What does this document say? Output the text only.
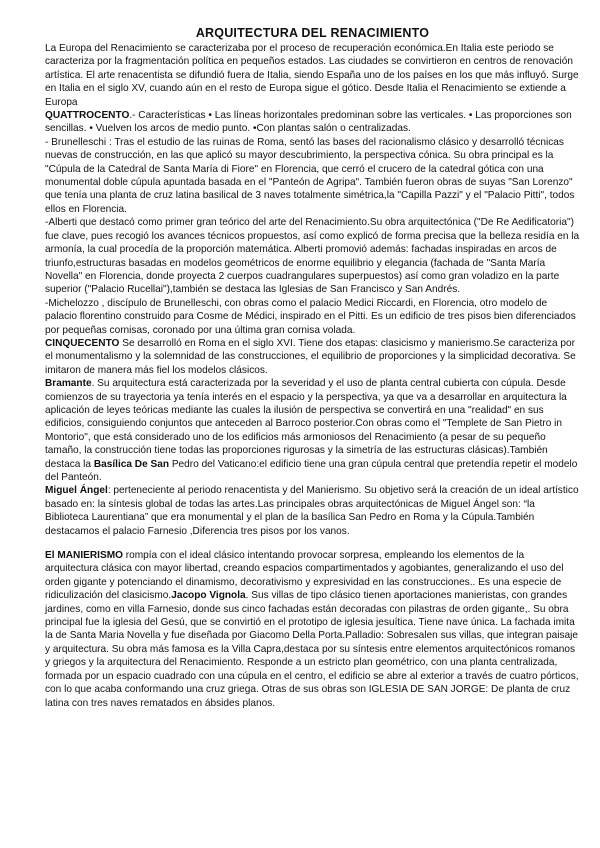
ARQUITECTURA DEL RENACIMIENTO

La Europa del Renacimiento se caracterizaba por el proceso de recuperación económica.En Italia este periodo se caracteriza por la fragmentación política en pequeños estados. Las ciudades se convirtieron en centros de renovación artística. El arte renacentista se difundió fuera de Italia, siendo España uno de los países en los que más influyó. Surge en Italia en el siglo XV, cuando aún en el resto de Europa sigue el gótico. Desde Italia el Renacimiento se extiende a Europa

QUATTROCENTO.- Características • Las líneas horizontales predominan sobre las verticales. • Las proporciones son sencillas. • Vuelven los arcos de medio punto. •Con plantas salón o centralizadas.

- Brunelleschi : Tras el estudio de las ruinas de Roma, sentó las bases del racionalismo clásico y desarrolló técnicas nuevas de construcción, en las que aplicó su mayor descubrimiento, la perspectiva cónica. Su obra principal es la "Cúpula de la Catedral de Santa María di Fiore" en Florencia, que cerró el crucero de la catedral gótica con una monumental doble cúpula apuntada basada en el "Panteón de Agripa". También fueron obras de suyas "San Lorenzo" que tenía una planta de cruz latina basilical de 3 naves totalmente simétrica,la "Capilla Pazzi" y el "Palacio Pitti", todos ellos en Florencia.

-Alberti que destacó como primer gran teórico del arte del Renacimiento.Su obra arquitectónica ("De Re Aedificatoria") fue clave, pues recogió los avances técnicos propuestos, así como explicó de forma precisa que la belleza residía en la armonía, la cual procedía de la proporción matemática. Alberti promovió además: fachadas inspiradas en arcos de triunfo,estructuras basadas en modelos geométricos de enorme equilibrio y elegancia (fachada de "Santa María Novella" en Florencia, donde proyecta 2 cuerpos cuadrangulares superpuestos) así como gran voladizo en la parte superior ("Palacio Rucellai"),también se destaca las Iglesias de San Francisco y San Andrés.

-Michelozzo , discípulo de Brunelleschi, con obras como el palacio Medici Riccardi, en Florencia, otro modelo de palacio florentino construido para Cosme de Médici, inspirado en el Pitti. Es un edificio de tres pisos bien diferenciados por pequeñas cornisas, coronado por una última gran cornisa volada.

CINQUECENTO Se desarrolló en Roma en el siglo XVI. Tiene dos etapas: clasicismo y manierismo.Se caracteriza por el monumentalismo y la solemnidad de las construcciones, el equilibrio de proporciones y la simplicidad decorativa. Se imitaron de manera más fiel los modelos clásicos.

Bramante. Su arquitectura está caracterizada por la severidad y el uso de planta central cubierta con cúpula. Desde comienzos de su trayectoria ya tenía interés en el espacio y la perspectiva, ya que va a desarrollar en arquitectura la aplicación de leyes teóricas mediante las cuales la ilusión de perspectiva se convertirá en una "realidad" en sus edificios, consiguiendo conjuntos que anteceden al Barroco posterior.Con obras como el "Templete de San Pietro in Montorio", que está considerado uno de los edificios más armoniosos del Renacimiento (a pesar de su pequeño tamaño, la construcción tiene todas las proporciones rigurosas y la simetría de las estructuras clásicas).También destaca la Basílica De San Pedro del Vaticano:el edificio tiene una gran cúpula central que pretendía repetir el modelo del Panteón.

Miguel Ángel: perteneciente al periodo renacentista y del Manierismo. Su objetivo será la creación de un ideal artístico basado en: la síntesis global de todas las artes.Las principales obras arquitectónicas de Miguel Ángel son: “la Biblioteca Laurentiana” que era monumental y el plan de la basílica San Pedro en Roma y la Cúpula.También destacamos el palacio Farnesio ,Diferencia tres pisos por los vanos.

El MANIERISMO rompía con el ideal clásico intentando provocar sorpresa, empleando los elementos de la arquitectura clásica con mayor libertad, creando espacios compartimentados y agobiantes, generalizando el uso del orden gigante y potenciando el dinamismo, decorativismo y expresividad en las construcciones.. Es una especie de ridiculización del clasicismo.Jacopo Vignola. Sus villas de tipo clásico tienen aportaciones manieristas, con grandes jardines, como en villa Farnesio, donde sus cinco fachadas están decoradas con pilastras de orden gigante,. Su obra principal fue la iglesia del Gesú, que se convirtió en el prototipo de iglesia jesuítica. Tiene nave única. La fachada imita la de Santa Maria Novella y fue diseñada por Giacomo Della Porta.Palladio: Sobresalen sus villas, que integran paisaje y arquitectura. Su obra más famosa es la Villa Capra,destaca por su síntesis entre elementos arquitectónicos romanos y griegos y la arquitectura del Renacimiento. Responde a un estricto plan geométrico, con una planta centralizada, formada por un espacio cuadrado con una cúpula en el centro, el edificio se abre al exterior a través de cuatro pórticos, con lo que acaba conformando una cruz griega. Otras de sus obras son IGLESIA DE SAN JORGE: De planta de cruz latina con tres naves rematados en ábsides planos.
